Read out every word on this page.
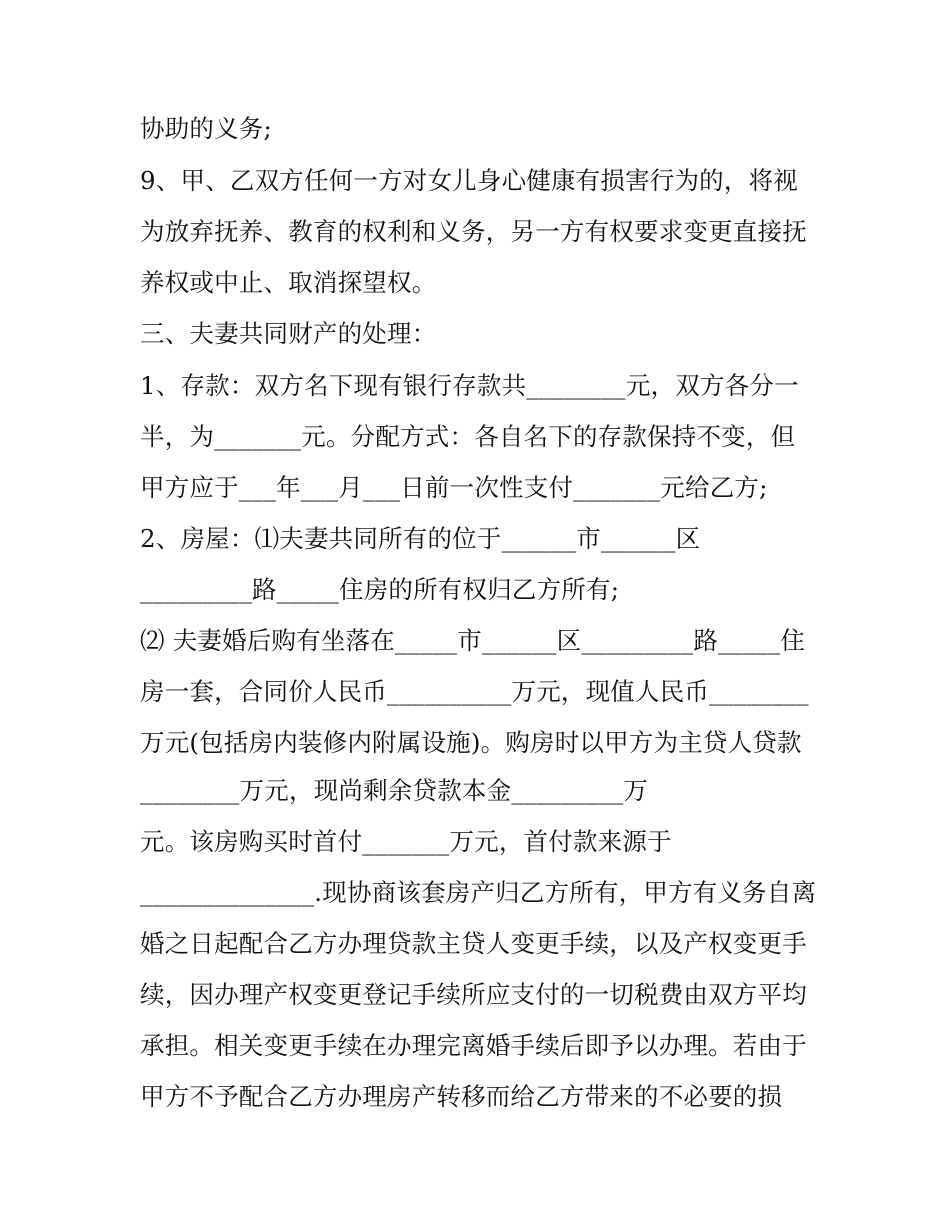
协助的义务;
9、甲、乙双方任何一方对女儿身心健康有损害行为的，将视
为放弃抚养、教育的权利和义务，另一方有权要求变更直接抚
养权或中止、取消探望权。
三、夫妻共同财产的处理：
1、存款：双方名下现有银行存款共________元，双方各分一
半，为_______元。分配方式：各自名下的存款保持不变，但
甲方应于___年___月___日前一次性支付_______元给乙方;
2、房屋：⑴夫妻共同所有的位于______市______区
_________路_____住房的所有权归乙方所有;
⑵ 夫妻婚后购有坐落在_____市______区_________路_____住
房一套，合同价人民币__________万元，现值人民币________
万元(包括房内装修内附属设施)。购房时以甲方为主贷人贷款
________万元，现尚剩余贷款本金_________万
元。该房购买时首付_______万元，首付款来源于
______________.现协商该套房产归乙方所有，甲方有义务自离
婚之日起配合乙方办理贷款主贷人变更手续，以及产权变更手
续，因办理产权变更登记手续所应支付的一切税费由双方平均
承担。相关变更手续在办理完离婚手续后即予以办理。若由于
甲方不予配合乙方办理房产转移而给乙方带来的不必要的损
